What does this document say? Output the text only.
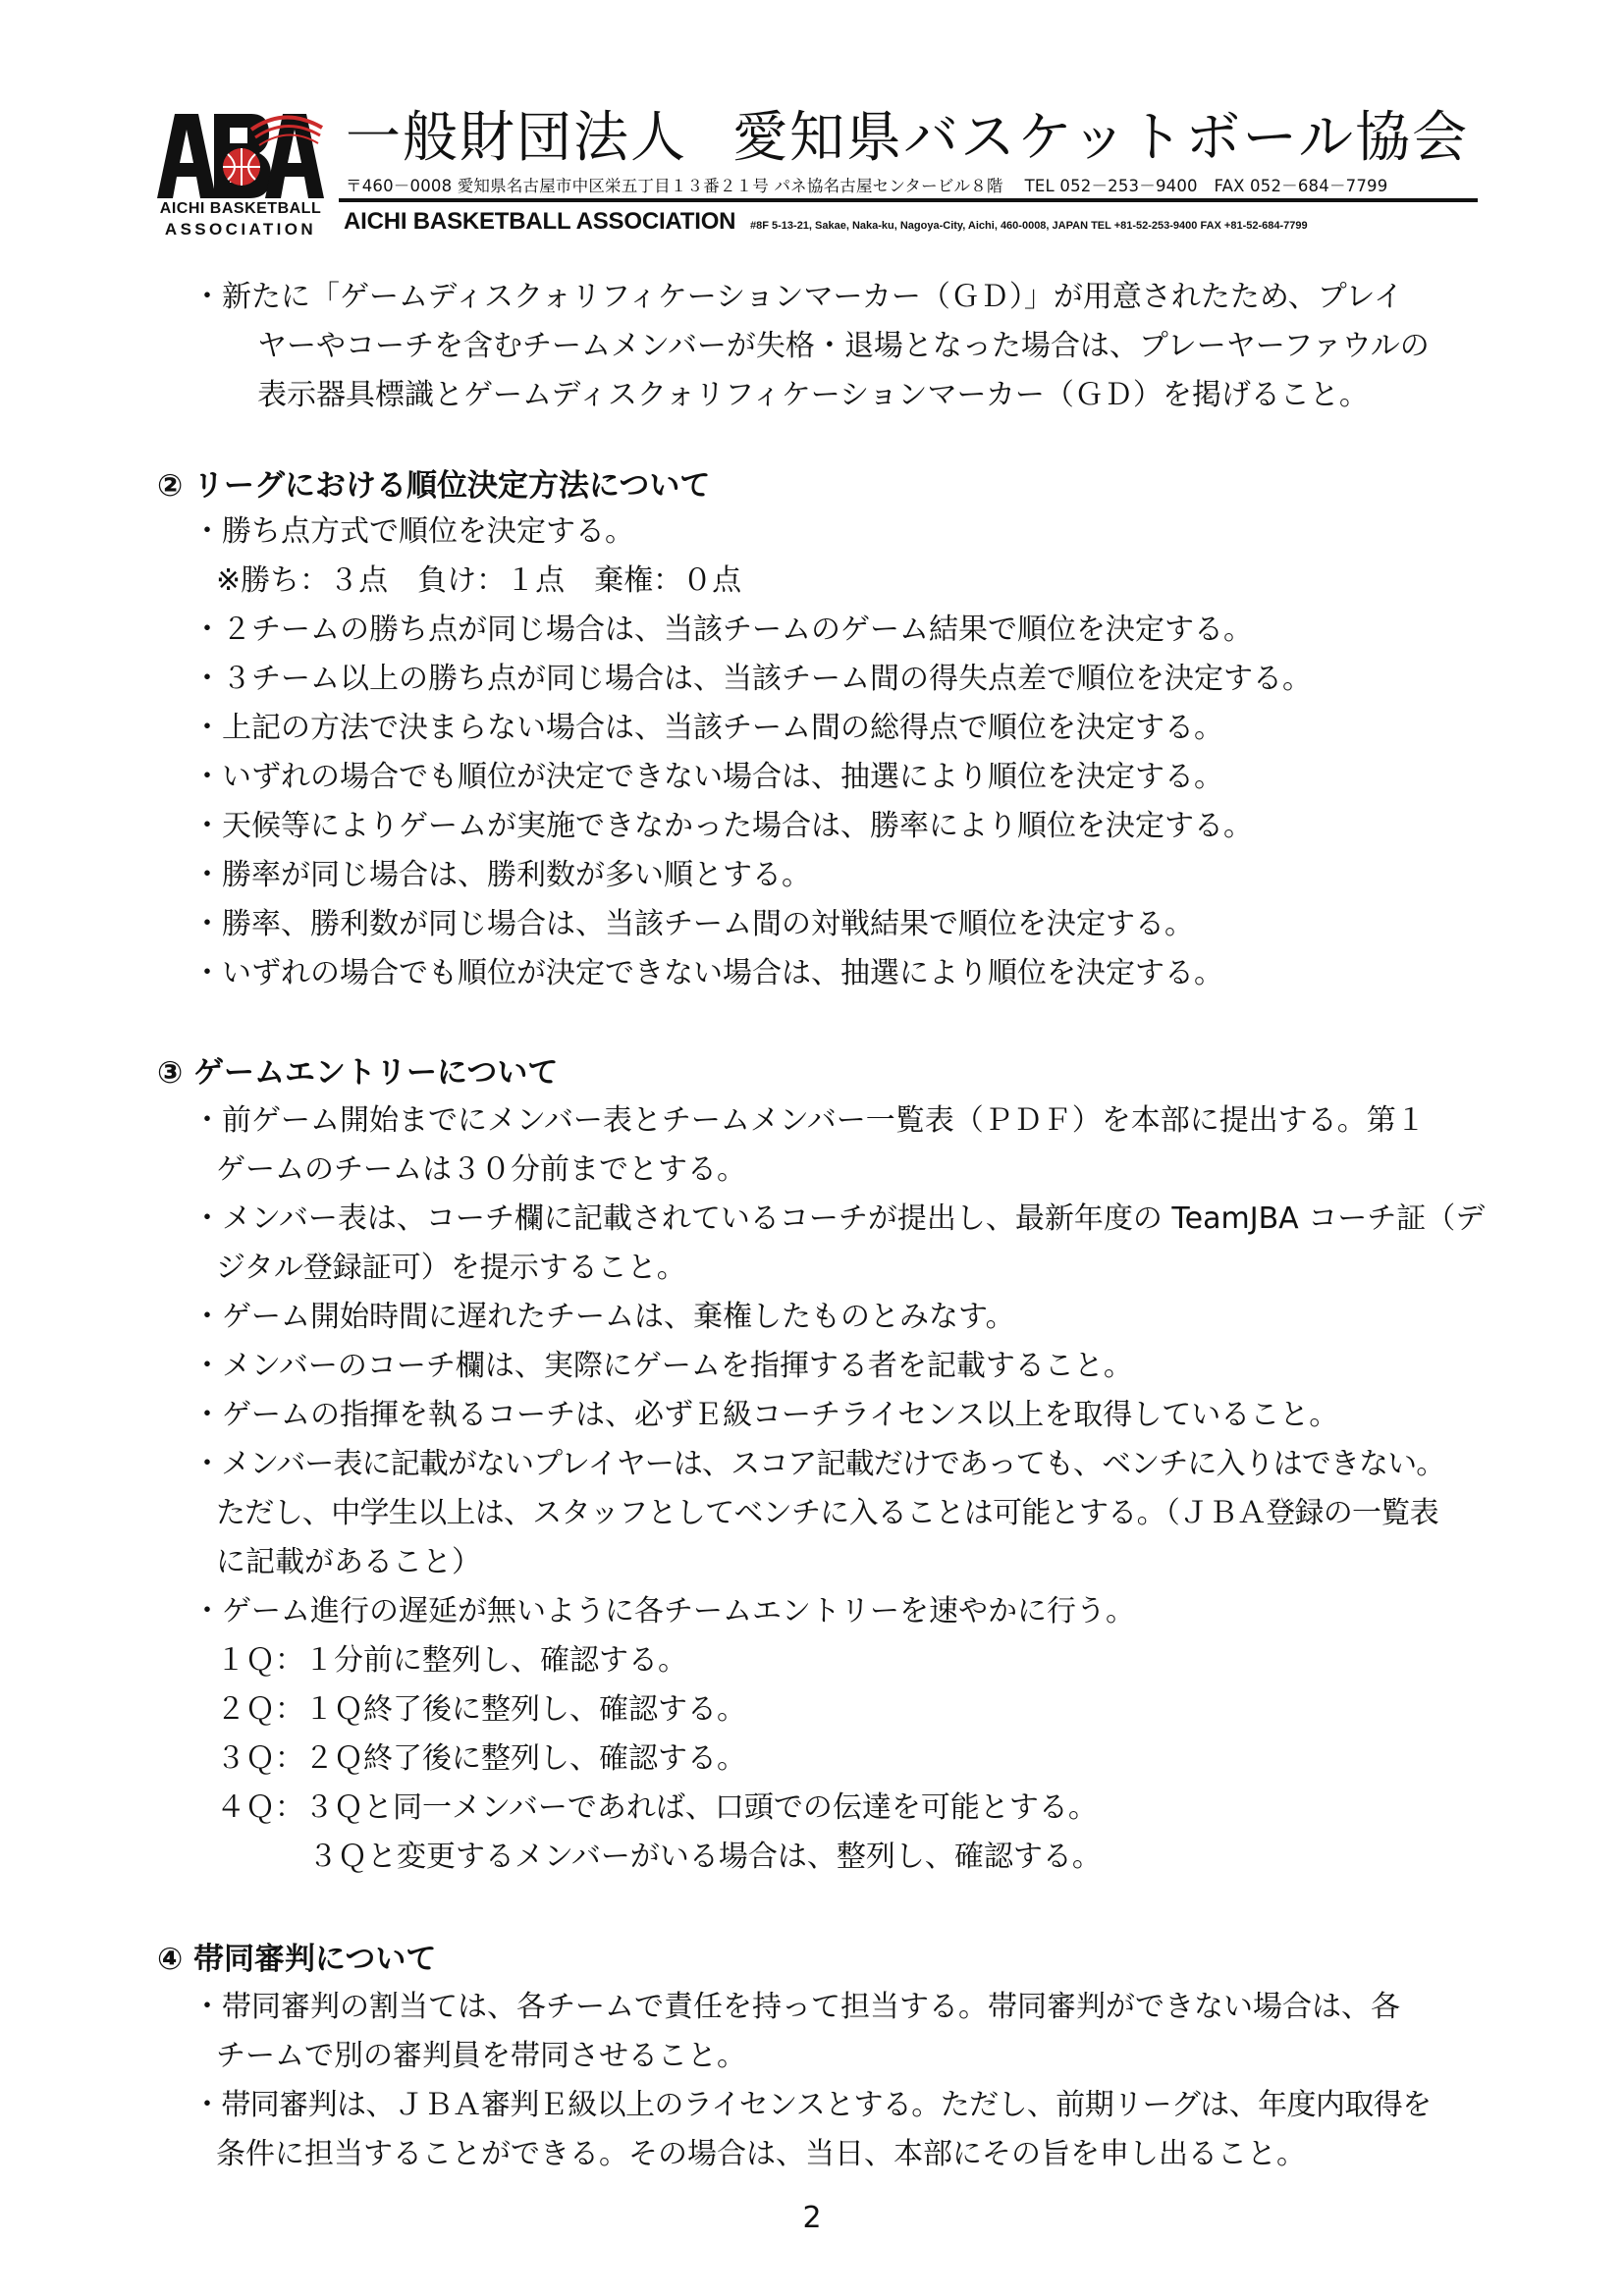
AICHI BASKETBALL
ASSOCIATION
一般財団法人 愛知県バスケットボール協会
〒460－0008 愛知県名古屋市中区栄五丁目１３番２１号 パネ協名古屋センタービル８階 TEL 052－253－9400　FAX 052－684－7799
AICHI BASKETBALL ASSOCIATION #8F 5-13-21, Sakae, Naka-ku, Nagoya-City, Aichi, 460-0008, JAPAN TEL +81-52-253-9400 FAX +81-52-684-7799
・新たに「ゲームディスクォリフィケーションマーカー（ＧＤ）」が用意されたため、プレイ
ヤーやコーチを含むチームメンバーが失格・退場となった場合は、プレーヤーファウルの
表示器具標識とゲームディスクォリフィケーションマーカー（ＧＤ）を掲げること。
② リーグにおける順位決定方法について
・勝ち点方式で順位を決定する。
※勝ち：３点　負け：１点　棄権：０点
・２チームの勝ち点が同じ場合は、当該チームのゲーム結果で順位を決定する。
・３チーム以上の勝ち点が同じ場合は、当該チーム間の得失点差で順位を決定する。
・上記の方法で決まらない場合は、当該チーム間の総得点で順位を決定する。
・いずれの場合でも順位が決定できない場合は、抽選により順位を決定する。
・天候等によりゲームが実施できなかった場合は、勝率により順位を決定する。
・勝率が同じ場合は、勝利数が多い順とする。
・勝率、勝利数が同じ場合は、当該チーム間の対戦結果で順位を決定する。
・いずれの場合でも順位が決定できない場合は、抽選により順位を決定する。
③ ゲームエントリーについて
・前ゲーム開始までにメンバー表とチームメンバー一覧表（ＰＤＦ）を本部に提出する。第１
ゲームのチームは３０分前までとする。
・メンバー表は、コーチ欄に記載されているコーチが提出し、最新年度の TeamJBA コーチ証（デ
ジタル登録証可）を提示すること。
・ゲーム開始時間に遅れたチームは、棄権したものとみなす。
・メンバーのコーチ欄は、実際にゲームを指揮する者を記載すること。
・ゲームの指揮を執るコーチは、必ずＥ級コーチライセンス以上を取得していること。
・メンバー表に記載がないプレイヤーは、スコア記載だけであっても、ベンチに入りはできない。
ただし、中学生以上は、スタッフとしてベンチに入ることは可能とする。（ＪＢＡ登録の一覧表
に記載があること）
・ゲーム進行の遅延が無いように各チームエントリーを速やかに行う。
１Ｑ：１分前に整列し、確認する。
２Ｑ：１Ｑ終了後に整列し、確認する。
３Ｑ：２Ｑ終了後に整列し、確認する。
４Ｑ：３Ｑと同一メンバーであれば、口頭での伝達を可能とする。
３Ｑと変更するメンバーがいる場合は、整列し、確認する。
④ 帯同審判について
・帯同審判の割当ては、各チームで責任を持って担当する。帯同審判ができない場合は、各
チームで別の審判員を帯同させること。
・帯同審判は、ＪＢＡ審判Ｅ級以上のライセンスとする。ただし、前期リーグは、年度内取得を
条件に担当することができる。その場合は、当日、本部にその旨を申し出ること。
2
